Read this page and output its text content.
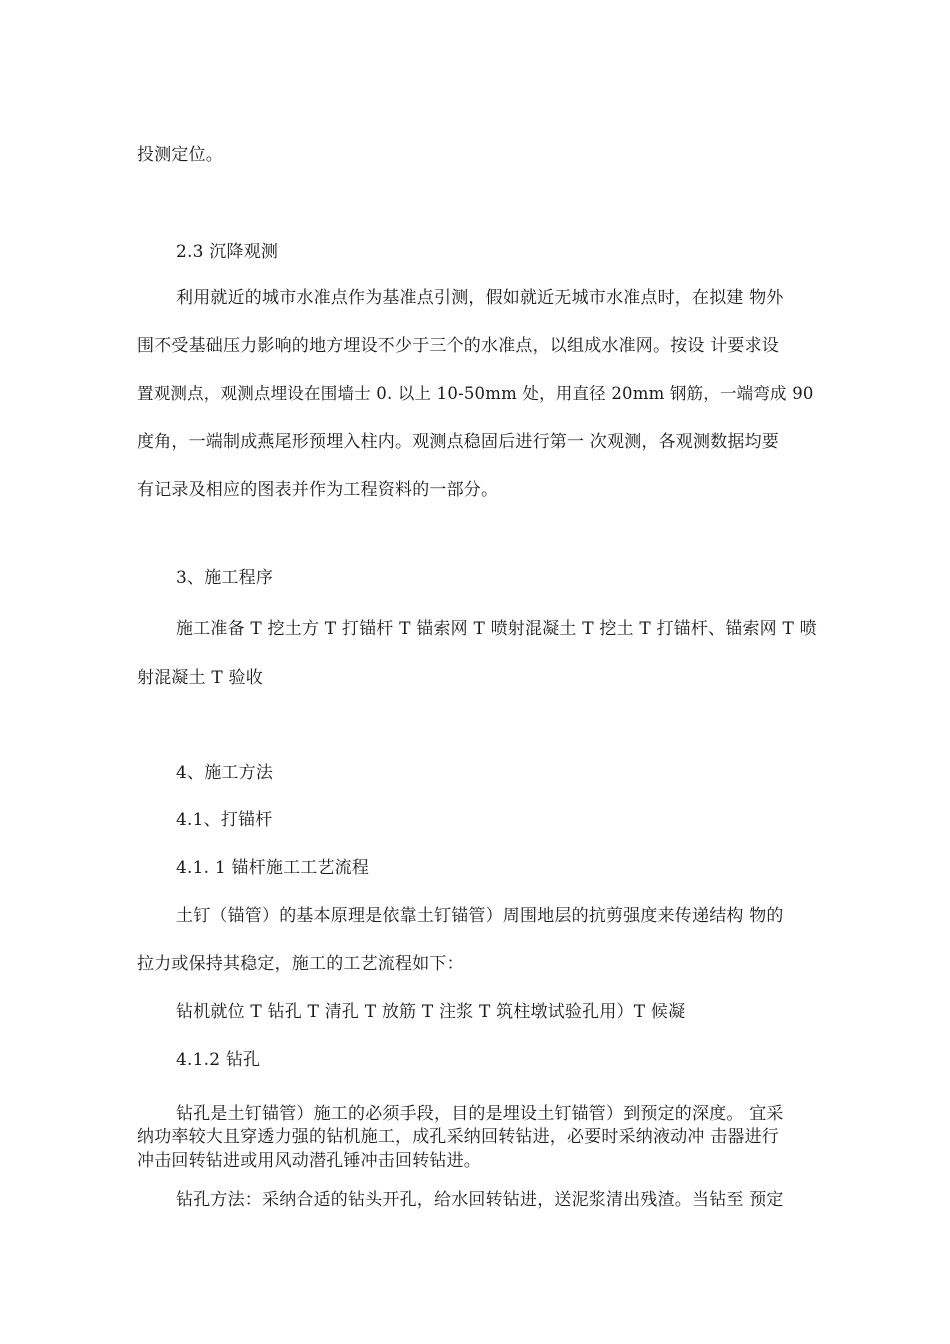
投测定位。

2.3 沉降观测

利用就近的城市水准点作为基准点引测，假如就近无城市水准点时，在拟建 物外

围不受基础压力影响的地方埋设不少于三个的水准点，以组成水准网。按设 计要求设

置观测点，观测点埋设在围墙士 0. 以上 10-50mm 处，用直径 20mm 钢筋，一端弯成 90

度角，一端制成燕尾形预埋入柱内。观测点稳固后进行第一 次观测，各观测数据均要

有记录及相应的图表并作为工程资料的一部分。

3、施工程序

施工准备 T 挖土方 T 打锚杆 T 锚索网 T 喷射混凝土 T 挖土 T 打锚杆、锚索网 T 喷

射混凝土 T 验收

4、施工方法

4.1、打锚杆

4.1. 1 锚杆施工工艺流程

土钉（锚管）的基本原理是依靠土钉锚管）周围地层的抗剪强度来传递结构 物的

拉力或保持其稳定，施工的工艺流程如下：

钻机就位 T 钻孔 T 清孔 T 放筋 T 注浆 T 筑柱墩试验孔用）T 候凝

4.1.2 钻孔

钻孔是土钉锚管）施工的必须手段，目的是埋设土钉锚管）到预定的深度。 宜采

纳功率较大且穿透力强的钻机施工，成孔采纳回转钻进，必要时采纳液动冲 击器进行

冲击回转钻进或用风动潜孔锤冲击回转钻进。

钻孔方法：采纳合适的钻头开孔，给水回转钻进，送泥浆清出残渣。当钻至 预定
